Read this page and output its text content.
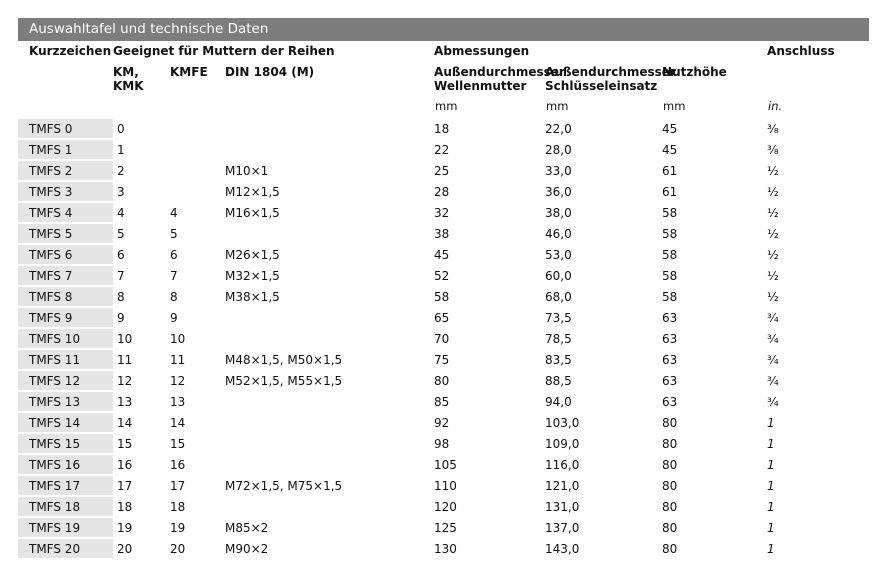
Auswahltafel und technische Daten
Kurzzeichen	Geeignet für Muttern der Reihen			Abmessungen			Anschluss
	KM, KMK	KMFE	DIN 1804 (M)	Außendurchmesser Wellenmutter	Außendurchmesser Schlüsseleinsatz	Nutzhöhe	
				mm	mm	mm	in.
TMFS 0	0			18	22,0	45	³⁄₈
TMFS 1	1			22	28,0	45	³⁄₈
TMFS 2	2		M10×1	25	33,0	61	¹⁄₂
TMFS 3	3		M12×1,5	28	36,0	61	¹⁄₂
TMFS 4	4	4	M16×1,5	32	38,0	58	¹⁄₂
TMFS 5	5	5		38	46,0	58	¹⁄₂
TMFS 6	6	6	M26×1,5	45	53,0	58	¹⁄₂
TMFS 7	7	7	M32×1,5	52	60,0	58	¹⁄₂
TMFS 8	8	8	M38×1,5	58	68,0	58	¹⁄₂
TMFS 9	9	9		65	73,5	63	³⁄₄
TMFS 10	10	10		70	78,5	63	³⁄₄
TMFS 11	11	11	M48×1,5, M50×1,5	75	83,5	63	³⁄₄
TMFS 12	12	12	M52×1,5, M55×1,5	80	88,5	63	³⁄₄
TMFS 13	13	13		85	94,0	63	³⁄₄
TMFS 14	14	14		92	103,0	80	1
TMFS 15	15	15		98	109,0	80	1
TMFS 16	16	16		105	116,0	80	1
TMFS 17	17	17	M72×1,5, M75×1,5	110	121,0	80	1
TMFS 18	18	18		120	131,0	80	1
TMFS 19	19	19	M85×2	125	137,0	80	1
TMFS 20	20	20	M90×2	130	143,0	80	1
